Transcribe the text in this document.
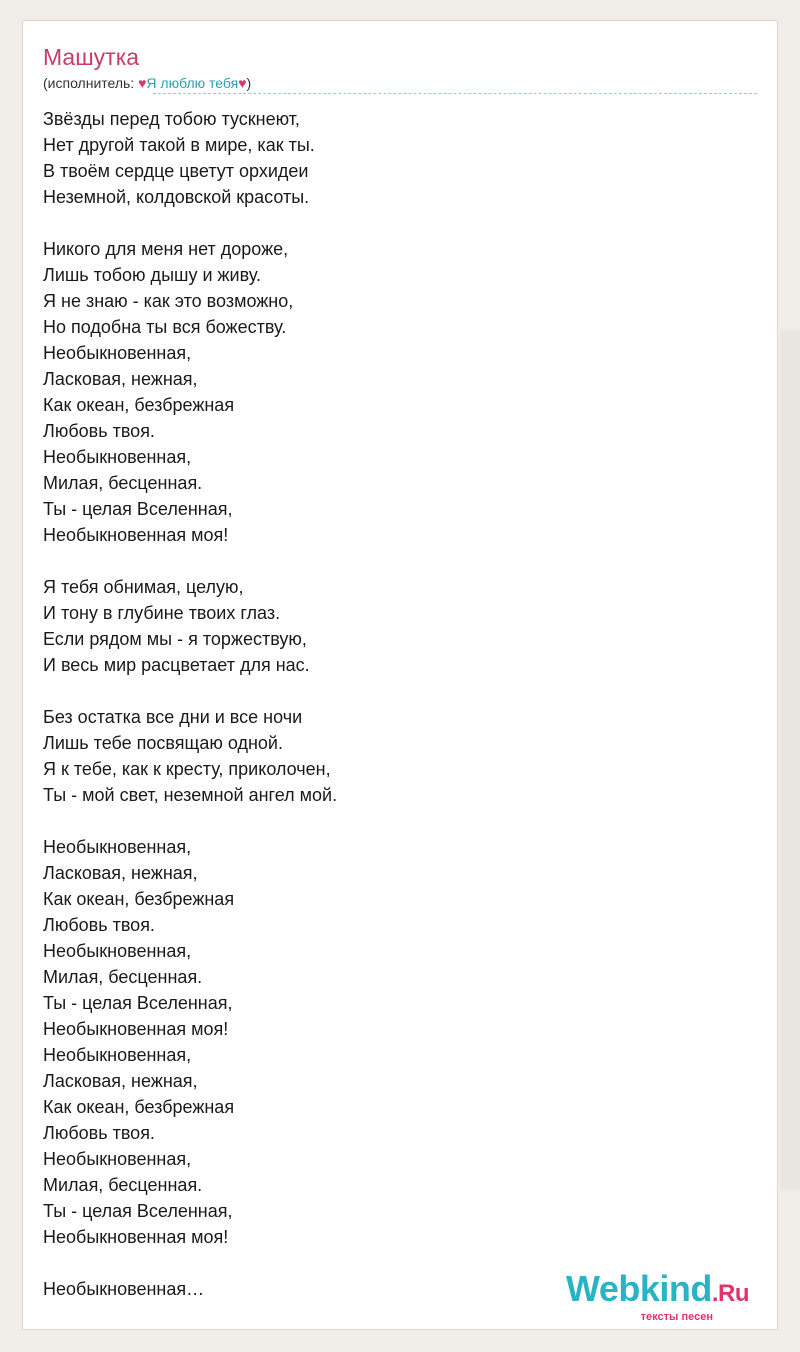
Машутка
(исполнитель: ♥Я люблю тебя♥)
Звёзды перед тобою тускнеют,
Нет другой такой в мире, как ты.
В твоём сердце цветут орхидеи
Неземной, колдовской красоты.
Никого для меня нет дороже,
Лишь тобою дышу и живу.
Я не знаю - как это возможно,
Но подобна ты вся божеству.
Необыкновенная,
Ласковая, нежная,
Как океан, безбрежная
Любовь твоя.
Необыкновенная,
Милая, бесценная.
Ты - целая Вселенная,
Необыкновенная моя!
Я тебя обнимая, целую,
И тону в глубине твоих глаз.
Если рядом мы - я торжествую,
И весь мир расцветает для нас.
Без остатка все дни и все ночи
Лишь тебе посвящаю одной.
Я к тебе, как к кресту, приколочен,
Ты - мой свет, неземной ангел мой.
Необыкновенная,
Ласковая, нежная,
Как океан, безбрежная
Любовь твоя.
Необыкновенная,
Милая, бесценная.
Ты - целая Вселенная,
Необыкновенная моя!
Необыкновенная,
Ласковая, нежная,
Как океан, безбрежная
Любовь твоя.
Необыкновенная,
Милая, бесценная.
Ты - целая Вселенная,
Необыкновенная моя!
Необыкновенная…	Webkind.Ru
тексты песен
